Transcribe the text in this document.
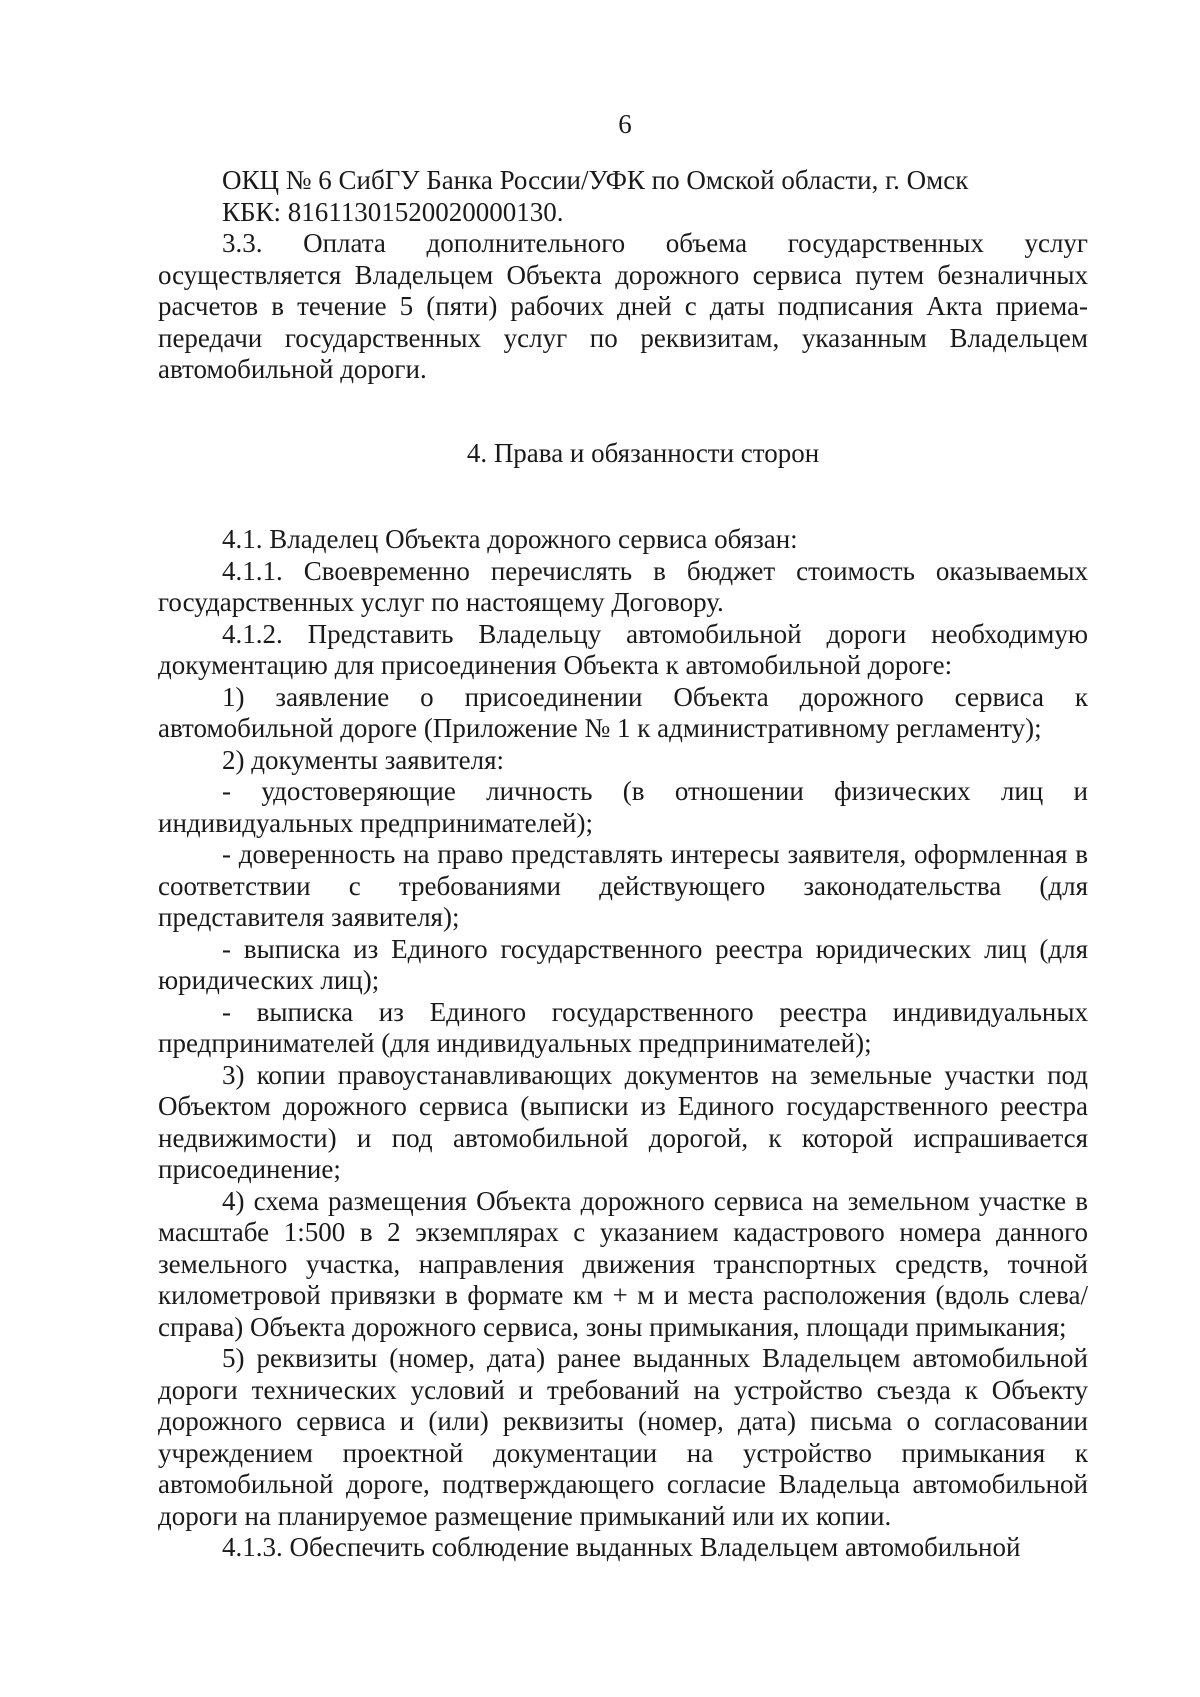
6

ОКЦ № 6 СибГУ Банка России/УФК по Омской области, г. Омск

КБК: 81611301520020000130.

3.3. Оплата дополнительного объема государственных услуг осуществляется Владельцем Объекта дорожного сервиса путем безналичных расчетов в течение 5 (пяти) рабочих дней с даты подписания Акта приема-передачи государственных услуг по реквизитам, указанным Владельцем автомобильной дороги.

4. Права и обязанности сторон

4.1. Владелец Объекта дорожного сервиса обязан:

4.1.1. Своевременно перечислять в бюджет стоимость оказываемых государственных услуг по настоящему Договору.

4.1.2. Представить Владельцу автомобильной дороги необходимую документацию для присоединения Объекта к автомобильной дороге:

1) заявление о присоединении Объекта дорожного сервиса к автомобильной дороге (Приложение № 1 к административному регламенту);

2) документы заявителя:

- удостоверяющие личность (в отношении физических лиц и индивидуальных предпринимателей);

- доверенность на право представлять интересы заявителя, оформленная в соответствии с требованиями действующего законодательства (для представителя заявителя);

- выписка из Единого государственного реестра юридических лиц (для юридических лиц);

- выписка из Единого государственного реестра индивидуальных предпринимателей (для индивидуальных предпринимателей);

3) копии правоустанавливающих документов на земельные участки под Объектом дорожного сервиса (выписки из Единого государственного реестра недвижимости) и под автомобильной дорогой, к которой испрашивается присоединение;

4) схема размещения Объекта дорожного сервиса на земельном участке в масштабе 1:500 в 2 экземплярах с указанием кадастрового номера данного земельного участка, направления движения транспортных средств, точной километровой привязки в формате км + м и места расположения (вдоль слева/справа) Объекта дорожного сервиса, зоны примыкания, площади примыкания;

5) реквизиты (номер, дата) ранее выданных Владельцем автомобильной дороги технических условий и требований на устройство съезда к Объекту дорожного сервиса и (или) реквизиты (номер, дата) письма о согласовании учреждением проектной документации на устройство примыкания к автомобильной дороге, подтверждающего согласие Владельца автомобильной дороги на планируемое размещение примыканий или их копии.

4.1.3. Обеспечить соблюдение выданных Владельцем автомобильной
